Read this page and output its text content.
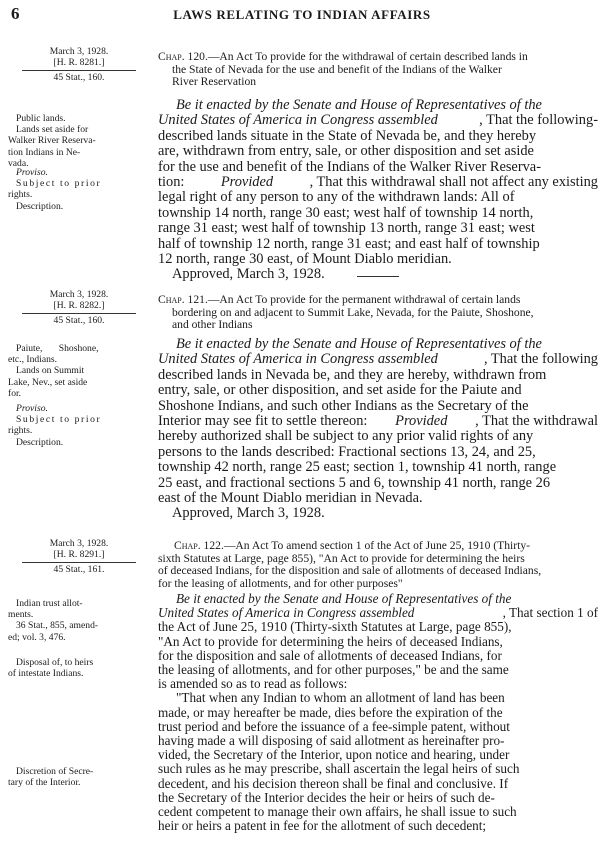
6	LAWS RELATING TO INDIAN AFFAIRS
March 3, 1928.
[H. R. 8281.]
45 Stat., 160.
Public lands.
Lands set aside for
Walker River Reserva-
tion Indians in Ne-
vada.
Proviso.
Subject to prior
rights.
Description.
Chap. 120.—An Act To provide for the withdrawal of certain described lands in
the State of Nevada for the use and benefit of the Indians of the Walker
River Reservation
Be it enacted by the Senate and House of Representatives of the
United States of America in Congress assembled	, That the following-
described lands situate in the State of Nevada be, and they hereby
are, withdrawn from entry, sale, or other disposition and set aside
for the use and benefit of the Indians of the Walker River Reserva-
tion:	Provided	, That this withdrawal shall not affect any existing
legal right of any person to any of the withdrawn lands: All of
township 14 north, range 30 east; west half of township 14 north,
range 31 east; west half of township 13 north, range 31 east; west
half of township 12 north, range 31 east; and east half of township
12 north, range 30 east, of Mount Diablo meridian.
Approved, March 3, 1928.
March 3, 1928.
[H. R. 8282.]
45 Stat., 160.
Paiute, Shoshone,
etc., Indians.
Lands on Summit
Lake, Nev., set aside
for.
Proviso.
Subject to prior
rights.
Description.
Chap. 121.—An Act To provide for the permanent withdrawal of certain lands
bordering on and adjacent to Summit Lake, Nevada, for the Paiute, Shoshone,
and other Indians
Be it enacted by the Senate and House of Representatives of the
United States of America in Congress assembled	, That the following
described lands in Nevada be, and they are hereby, withdrawn from
entry, sale, or other disposition, and set aside for the Paiute and
Shoshone Indians, and such other Indians as the Secretary of the
Interior may see fit to settle thereon: Provided , That the withdrawal
hereby authorized shall be subject to any prior valid rights of any
persons to the lands described: Fractional sections 13, 24, and 25,
township 42 north, range 25 east; section 1, township 41 north, range
25 east, and fractional sections 5 and 6, township 41 north, range 26
east of the Mount Diablo meridian in Nevada.
Approved, March 3, 1928.
March 3, 1928.
[H. R. 8291.]
45 Stat., 161.
Indian trust allot-
ments.
36 Stat., 855, amend-
ed; vol. 3, 476.
Disposal of, to heirs
of intestate Indians.
Discretion of Secre-
tary of the Interior.
Chap. 122.—An Act To amend section 1 of the Act of June 25, 1910 (Thirty-
sixth Statutes at Large, page 855), "An Act to provide for determining the heirs
of deceased Indians, for the disposition and sale of allotments of deceased Indians,
for the leasing of allotments, and for other purposes"
Be it enacted by the Senate and House of Representatives of the
United States of America in Congress assembled	, That section 1 of
the Act of June 25, 1910 (Thirty-sixth Statutes at Large, page 855),
"An Act to provide for determining the heirs of deceased Indians,
for the disposition and sale of allotments of deceased Indians, for
the leasing of allotments, and for other purposes," be and the same
is amended so as to read as follows:
"That when any Indian to whom an allotment of land has been
made, or may hereafter be made, dies before the expiration of the
trust period and before the issuance of a fee-simple patent, without
having made a will disposing of said allotment as hereinafter pro-
vided, the Secretary of the Interior, upon notice and hearing, under
such rules as he may prescribe, shall ascertain the legal heirs of such
decedent, and his decision thereon shall be final and conclusive. If
the Secretary of the Interior decides the heir or heirs of such de-
cedent competent to manage their own affairs, he shall issue to such
heir or heirs a patent in fee for the allotment of such decedent;
